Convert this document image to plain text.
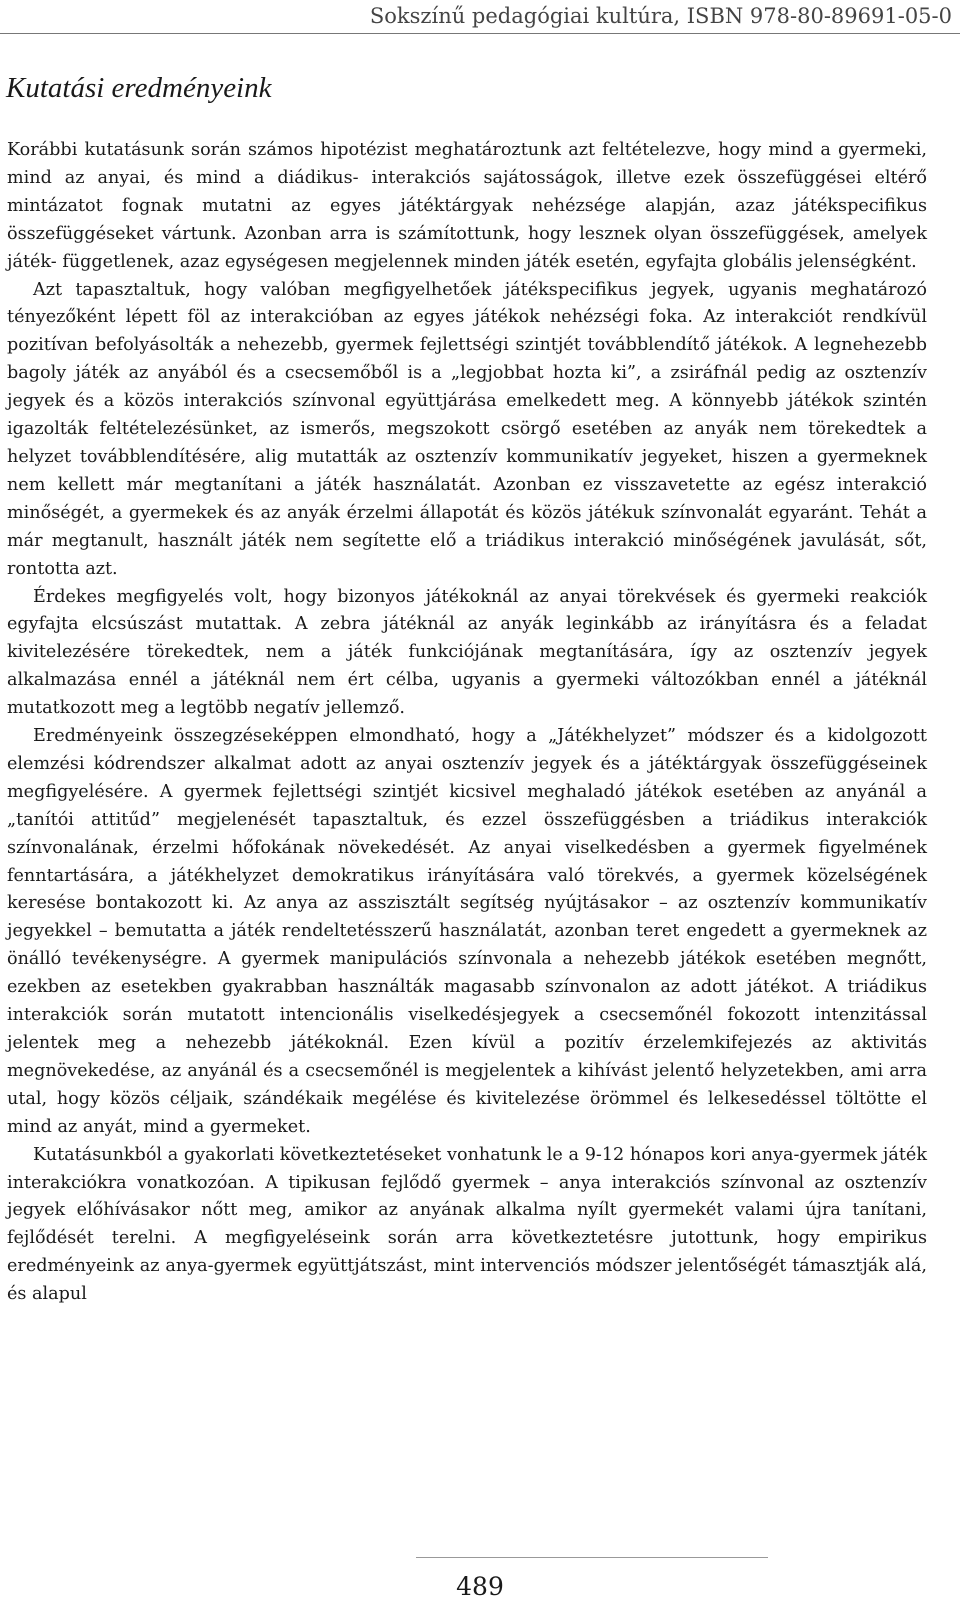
Sokszínű pedagógiai kultúra, ISBN 978-80-89691-05-0
Kutatási eredményeink

Korábbi kutatásunk során számos hipotézist meghatároztunk azt feltételezve, hogy mind a gyermeki, mind az anyai, és mind a diádikus- interakciós sajátosságok, illetve ezek összefüggései eltérő mintázatot fognak mutatni az egyes játéktárgyak nehézsége alapján, azaz játékspecifikus összefüggéseket vártunk. Azonban arra is számítottunk, hogy lesznek olyan összefüggések, amelyek játék- függetlenek, azaz egységesen megjelennek minden játék esetén, egyfajta globális jelenségként.

Azt tapasztaltuk, hogy valóban megfigyelhetőek játékspecifikus jegyek, ugyanis meghatározó tényezőként lépett föl az interakcióban az egyes játékok nehézségi foka. Az interakciót rendkívül pozitívan befolyásolták a nehezebb, gyermek fejlettségi szintjét továbblendítő játékok. A legnehezebb bagoly játék az anyából és a csecsemőből is a „legjobbat hozta ki”, a zsiráfnál pedig az osztenzív jegyek és a közös interakciós színvonal együttjárása emelkedett meg. A könnyebb játékok szintén igazolták feltételezésünket, az ismerős, megszokott csörgő esetében az anyák nem törekedtek a helyzet továbblendítésére, alig mutatták az osztenzív kommunikatív jegyeket, hiszen a gyermeknek nem kellett már megtanítani a játék használatát. Azonban ez visszavetette az egész interakció minőségét, a gyermekek és az anyák érzelmi állapotát és közös játékuk színvonalát egyaránt. Tehát a már megtanult, használt játék nem segítette elő a triádikus interakció minőségének javulását, sőt, rontotta azt.

Érdekes megfigyelés volt, hogy bizonyos játékoknál az anyai törekvések és gyermeki reakciók egyfajta elcsúszást mutattak. A zebra játéknál az anyák leginkább az irányításra és a feladat kivitelezésére törekedtek, nem a játék funkciójának megtanítására, így az osztenzív jegyek alkalmazása ennél a játéknál nem ért célba, ugyanis a gyermeki változókban ennél a játéknál mutatkozott meg a legtöbb negatív jellemző.

Eredményeink összegzéseképpen elmondható, hogy a „Játékhelyzet” módszer és a kidolgozott elemzési kódrendszer alkalmat adott az anyai osztenzív jegyek és a játéktárgyak összefüggéseinek megfigyelésére. A gyermek fejlettségi szintjét kicsivel meghaladó játékok esetében az anyánál a „tanítói attitűd” megjelenését tapasztaltuk, és ezzel összefüggésben a triádikus interakciók színvonalának, érzelmi hőfokának növekedését. Az anyai viselkedésben a gyermek figyelmének fenntartására, a játékhelyzet demokratikus irányítására való törekvés, a gyermek közelségének keresése bontakozott ki. Az anya az asszisztált segítség nyújtásakor – az osztenzív kommunikatív jegyekkel – bemutatta a játék rendeltetésszerű használatát, azonban teret engedett a gyermeknek az önálló tevékenységre. A gyermek manipulációs színvonala a nehezebb játékok esetében megnőtt, ezekben az esetekben gyakrabban használták magasabb színvonalon az adott játékot. A triádikus interakciók során mutatott intencionális viselkedésjegyek a csecsemőnél fokozott intenzitással jelentek meg a nehezebb játékoknál. Ezen kívül a pozitív érzelemkifejezés az aktivitás megnövekedése, az anyánál és a csecsemőnél is megjelentek a kihívást jelentő helyzetekben, ami arra utal, hogy közös céljaik, szándékaik megélése és kivitelezése örömmel és lelkesedéssel töltötte el mind az anyát, mind a gyermeket.

Kutatásunkból a gyakorlati következtetéseket vonhatunk le a 9-12 hónapos kori anya-gyermek játék interakciókra vonatkozóan. A tipikusan fejlődő gyermek – anya interakciós színvonal az osztenzív jegyek előhívásakor nőtt meg, amikor az anyának alkalma nyílt gyermekét valami újra tanítani, fejlődését terelni. A megfigyeléseink során arra következtetésre jutottunk, hogy empirikus eredményeink az anya-gyermek együttjátszást, mint intervenciós módszer jelentőségét támasztják alá, és alapul

489
